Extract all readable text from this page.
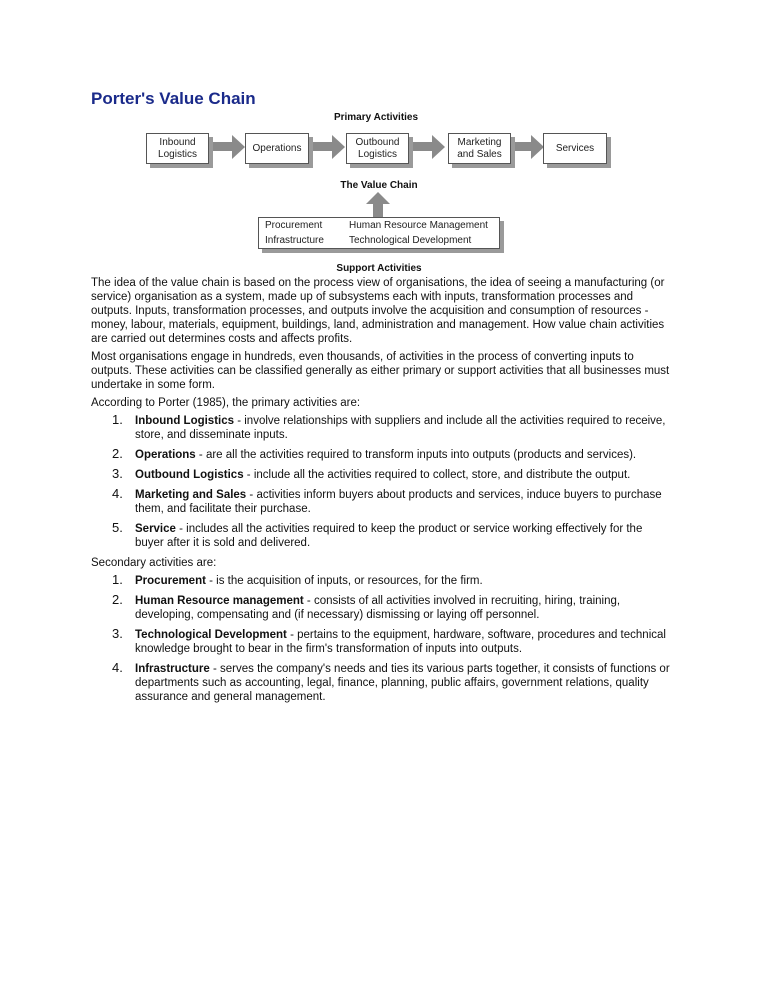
Porter's Value Chain
Primary Activities
Inbound
Logistics
Operations
Outbound
Logistics
Marketing
and Sales
Services
The Value Chain
Procurement	Human Resource Management
Infrastructure	Technological Development
Support Activities

The idea of the value chain is based on the process view of organisations, the idea of seeing a manufacturing (or service) organisation as a system, made up of subsystems each with inputs, transformation processes and outputs. Inputs, transformation processes, and outputs involve the acquisition and consumption of resources - money, labour, materials, equipment, buildings, land, administration and management. How value chain activities are carried out determines costs and affects profits.

Most organisations engage in hundreds, even thousands, of activities in the process of converting inputs to outputs. These activities can be classified generally as either primary or support activities that all businesses must undertake in some form.

According to Porter (1985), the primary activities are:

1. Inbound Logistics - involve relationships with suppliers and include all the activities required to receive, store, and disseminate inputs.
2. Operations - are all the activities required to transform inputs into outputs (products and services).
3. Outbound Logistics - include all the activities required to collect, store, and distribute the output.
4. Marketing and Sales - activities inform buyers about products and services, induce buyers to purchase them, and facilitate their purchase.
5. Service - includes all the activities required to keep the product or service working effectively for the buyer after it is sold and delivered.

Secondary activities are:

1. Procurement - is the acquisition of inputs, or resources, for the firm.
2. Human Resource management - consists of all activities involved in recruiting, hiring, training, developing, compensating and (if necessary) dismissing or laying off personnel.
3. Technological Development - pertains to the equipment, hardware, software, procedures and technical knowledge brought to bear in the firm's transformation of inputs into outputs.
4. Infrastructure - serves the company's needs and ties its various parts together, it consists of functions or departments such as accounting, legal, finance, planning, public affairs, government relations, quality assurance and general management.
